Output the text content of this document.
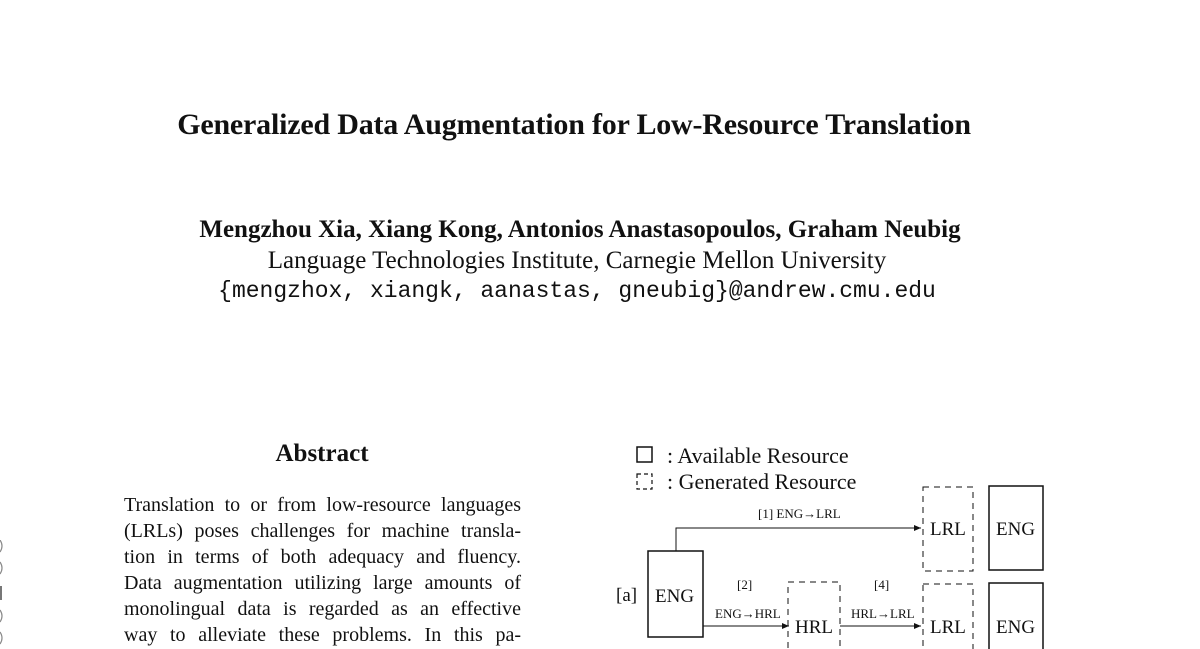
Generalized Data Augmentation for Low-Resource Translation
Mengzhou Xia, Xiang Kong, Antonios Anastasopoulos, Graham Neubig
Language Technologies Institute, Carnegie Mellon University
{mengzhox, xiangk, aanastas, gneubig}@andrew.cmu.edu
Abstract
Translation to or from low-resource languages
(LRLs) poses challenges for machine transla-
tion in terms of both adequacy and fluency.
Data augmentation utilizing large amounts of
monolingual data is regarded as an effective
way to alleviate these problems. In this pa-
: Available Resource
: Generated Resource
[a] ENG
[1] ENG→LRL
[2]
ENG→HRL
HRL
[4]
HRL→LRL
LRL ENG
LRL ENG
